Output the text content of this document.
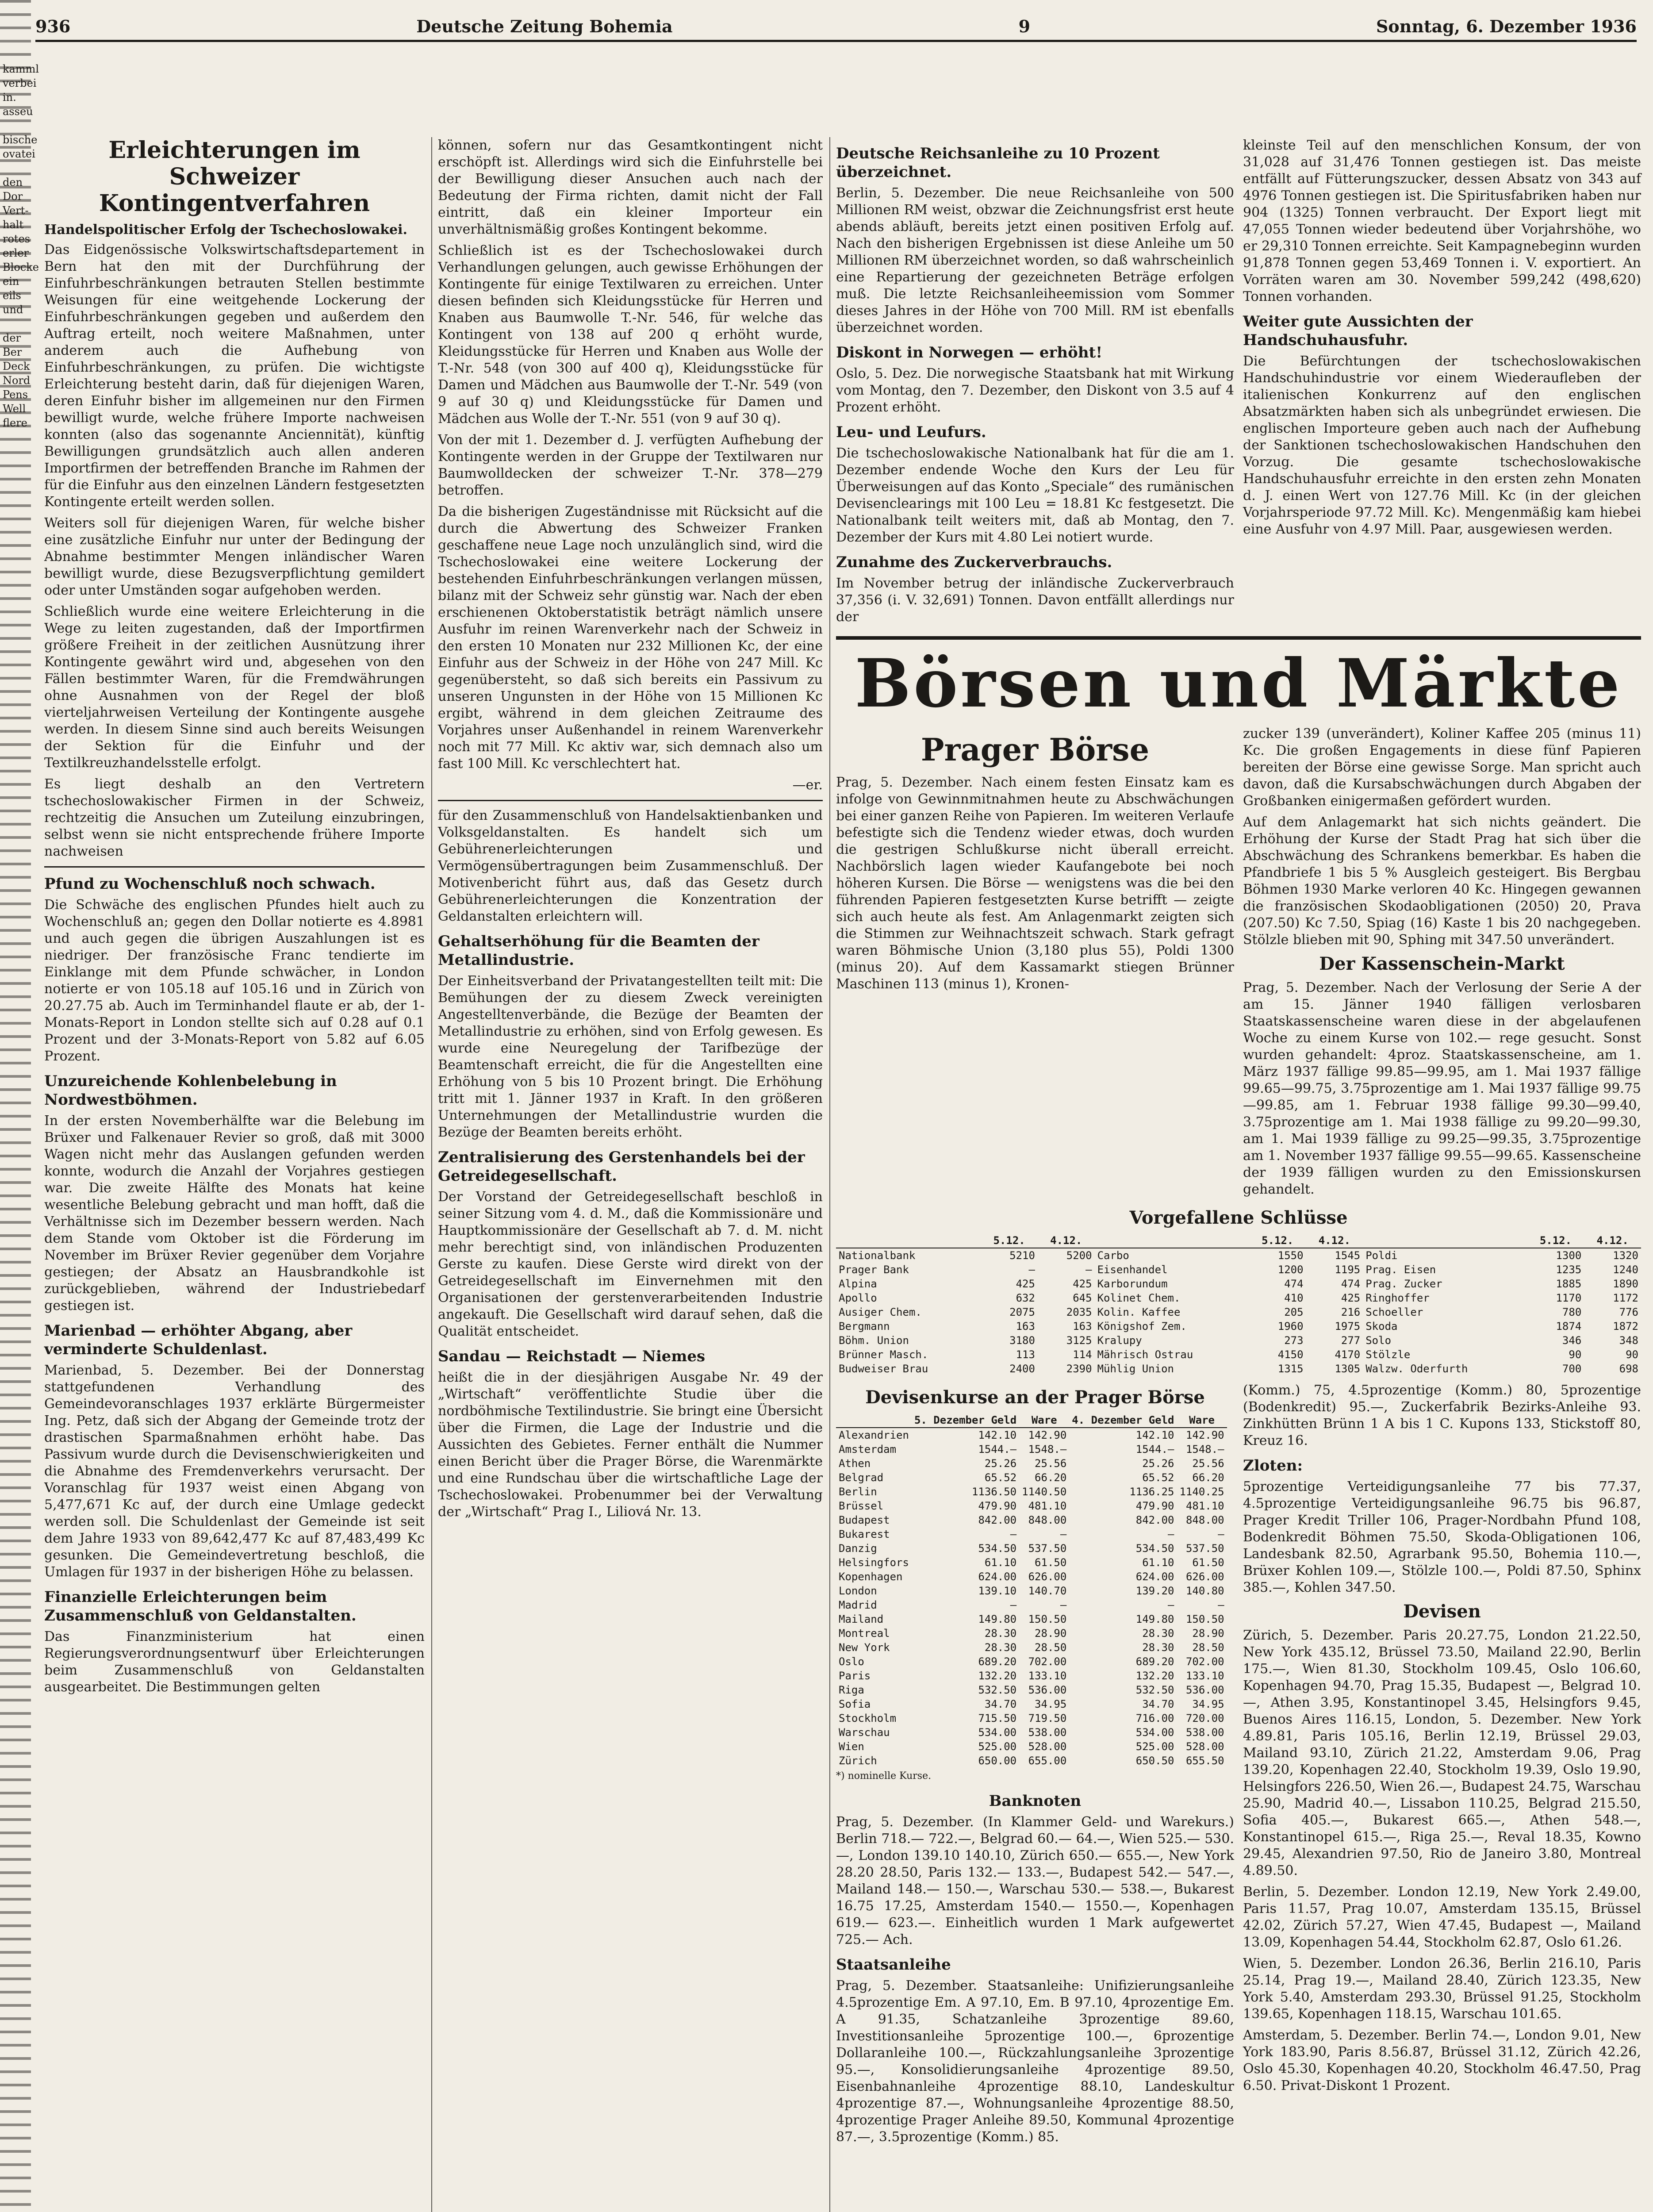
kamml
verbei
in.
asseu

bische
ovatei

den
Dor
Vert-
halt
rotes
erler
Blocke
ein
eils
und

der
Ber
Deck
Nord
Pens
Well
flere
936	Deutsche Zeitung Bohemia	9	Sonntag, 6. Dezember 1936
Erleichterungen im Schweizer Kontingentverfahren
Handelspolitischer Erfolg der Tschechoslowakei.

Das Eidgenössische Volkswirtschaftsdepartement in Bern hat den mit der Durchführung der Einfuhrbeschränkungen betrauten Stellen bestimmte Weisungen für eine weitgehende Lockerung der Einfuhrbeschränkungen gegeben und außerdem den Auftrag erteilt, noch weitere Maßnahmen, unter anderem auch die Aufhebung von Einfuhrbeschränkungen, zu prüfen. Die wichtigste Erleichterung besteht darin, daß für diejenigen Waren, deren Einfuhr bisher im allgemeinen nur den Firmen bewilligt wurde, welche frühere Importe nachweisen konnten (also das sogenannte Anciennität), künftig Bewilligungen grundsätzlich auch allen anderen Importfirmen der betreffenden Branche im Rahmen der für die Einfuhr aus den einzelnen Ländern festgesetzten Kontingente erteilt werden sollen.

Weiters soll für diejenigen Waren, für welche bisher eine zusätzliche Einfuhr nur unter der Bedingung der Abnahme bestimmter Mengen inländischer Waren bewilligt wurde, diese Bezugsverpflichtung gemildert oder unter Umständen sogar aufgehoben werden.

Schließlich wurde eine weitere Erleichterung in die Wege zu leiten zugestanden, daß der Importfirmen größere Freiheit in der zeitlichen Ausnützung ihrer Kontingente gewährt wird und, abgesehen von den Fällen bestimmter Waren, für die Fremdwährungen ohne Ausnahmen von der Regel der bloß vierteljahrweisen Verteilung der Kontingente ausgehe werden. In diesem Sinne sind auch bereits Weisungen der Sektion für die Einfuhr und der Textilkreuzhandelsstelle erfolgt.

Es liegt deshalb an den Vertretern tschechoslowakischer Firmen in der Schweiz, rechtzeitig die Ansuchen um Zuteilung einzubringen, selbst wenn sie nicht entsprechende frühere Importe nachweisen

Pfund zu Wochenschluß noch schwach.

Die Schwäche des englischen Pfundes hielt auch zu Wochenschluß an; gegen den Dollar notierte es 4.8981 und auch gegen die übrigen Auszahlungen ist es niedriger. Der französische Franc tendierte im Einklange mit dem Pfunde schwächer, in London notierte er von 105.18 auf 105.16 und in Zürich von 20.27.75 ab. Auch im Terminhandel flaute er ab, der 1-Monats-Report in London stellte sich auf 0.28 auf 0.1 Prozent und der 3-Monats-Report von 5.82 auf 6.05 Prozent.

Unzureichende Kohlenbelebung in Nordwestböhmen.

In der ersten Novemberhälfte war die Belebung im Brüxer und Falkenauer Revier so groß, daß mit 3000 Wagen nicht mehr das Auslangen gefunden werden konnte, wodurch die Anzahl der Vorjahres gestiegen war. Die zweite Hälfte des Monats hat keine wesentliche Belebung gebracht und man hofft, daß die Verhältnisse sich im Dezember bessern werden. Nach dem Stande vom Oktober ist die Förderung im November im Brüxer Revier gegenüber dem Vorjahre gestiegen; der Absatz an Hausbrandkohle ist zurückgeblieben, während der Industriebedarf gestiegen ist.

Marienbad — erhöhter Abgang, aber verminderte Schuldenlast.

Marienbad, 5. Dezember. Bei der Donnerstag stattgefundenen Verhandlung des Gemeindevoranschlages 1937 erklärte Bürgermeister Ing. Petz, daß sich der Abgang der Gemeinde trotz der drastischen Sparmaßnahmen erhöht habe. Das Passivum wurde durch die Devisenschwierigkeiten und die Abnahme des Fremdenverkehrs verursacht. Der Voranschlag für 1937 weist einen Abgang von 5,477,671 Kc auf, der durch eine Umlage gedeckt werden soll. Die Schuldenlast der Gemeinde ist seit dem Jahre 1933 von 89,642,477 Kc auf 87,483,499 Kc gesunken. Die Gemeindevertretung beschloß, die Umlagen für 1937 in der bisherigen Höhe zu belassen.

Finanzielle Erleichterungen beim Zusammenschluß von Geldanstalten.

Das Finanzministerium hat einen Regierungsverordnungsentwurf über Erleichterungen beim Zusammenschluß von Geldanstalten ausgearbeitet. Die Bestimmungen gelten

können, sofern nur das Gesamtkontingent nicht erschöpft ist. Allerdings wird sich die Einfuhrstelle bei der Bewilligung dieser Ansuchen auch nach der Bedeutung der Firma richten, damit nicht der Fall eintritt, daß ein kleiner Importeur ein unverhältnismäßig großes Kontingent bekomme.

Schließlich ist es der Tschechoslowakei durch Verhandlungen gelungen, auch gewisse Erhöhungen der Kontingente für einige Textilwaren zu erreichen. Unter diesen befinden sich Kleidungsstücke für Herren und Knaben aus Baumwolle T.-Nr. 546, für welche das Kontingent von 138 auf 200 q erhöht wurde, Kleidungsstücke für Herren und Knaben aus Wolle der T.-Nr. 548 (von 300 auf 400 q), Kleidungsstücke für Damen und Mädchen aus Baumwolle der T.-Nr. 549 (von 9 auf 30 q) und Kleidungsstücke für Damen und Mädchen aus Wolle der T.-Nr. 551 (von 9 auf 30 q).

Von der mit 1. Dezember d. J. verfügten Aufhebung der Kontingente werden in der Gruppe der Textilwaren nur Baumwolldecken der schweizer T.-Nr. 378—279 betroffen.

Da die bisherigen Zugeständnisse mit Rücksicht auf die durch die Abwertung des Schweizer Franken geschaffene neue Lage noch unzulänglich sind, wird die Tschechoslowakei eine weitere Lockerung der bestehenden Einfuhrbeschränkungen verlangen müssen, bilanz mit der Schweiz sehr günstig war. Nach der eben erschienenen Oktoberstatistik beträgt nämlich unsere Ausfuhr im reinen Warenverkehr nach der Schweiz in den ersten 10 Monaten nur 232 Millionen Kc, der eine Einfuhr aus der Schweiz in der Höhe von 247 Mill. Kc gegenübersteht, so daß sich bereits ein Passivum zu unseren Ungunsten in der Höhe von 15 Millionen Kc ergibt, während in dem gleichen Zeitraume des Vorjahres unser Außenhandel in reinem Warenverkehr noch mit 77 Mill. Kc aktiv war, sich demnach also um fast 100 Mill. Kc verschlechtert hat.

—er.

für den Zusammenschluß von Handelsaktienbanken und Volksgeldanstalten. Es handelt sich um Gebührenerleichterungen und Vermögensübertragungen beim Zusammenschluß. Der Motivenbericht führt aus, daß das Gesetz durch Gebührenerleichterungen die Konzentration der Geldanstalten erleichtern will.

Gehaltserhöhung für die Beamten der Metallindustrie.

Der Einheitsverband der Privatangestellten teilt mit: Die Bemühungen der zu diesem Zweck vereinigten Angestelltenverbände, die Bezüge der Beamten der Metallindustrie zu erhöhen, sind von Erfolg gewesen. Es wurde eine Neuregelung der Tarifbezüge der Beamtenschaft erreicht, die für die Angestellten eine Erhöhung von 5 bis 10 Prozent bringt. Die Erhöhung tritt mit 1. Jänner 1937 in Kraft. In den größeren Unternehmungen der Metallindustrie wurden die Bezüge der Beamten bereits erhöht.

Zentralisierung des Gerstenhandels bei der Getreidegesellschaft.

Der Vorstand der Getreidegesellschaft beschloß in seiner Sitzung vom 4. d. M., daß die Kommissionäre und Hauptkommissionäre der Gesellschaft ab 7. d. M. nicht mehr berechtigt sind, von inländischen Produzenten Gerste zu kaufen. Diese Gerste wird direkt von der Getreidegesellschaft im Einvernehmen mit den Organisationen der gerstenverarbeitenden Industrie angekauft. Die Gesellschaft wird darauf sehen, daß die Qualität entscheidet.

Sandau — Reichstadt — Niemes

heißt die in der diesjährigen Ausgabe Nr. 49 der „Wirtschaft“ veröffentlichte Studie über die nordböhmische Textilindustrie. Sie bringt eine Übersicht über die Firmen, die Lage der Industrie und die Aussichten des Gebietes. Ferner enthält die Nummer einen Bericht über die Prager Börse, die Warenmärkte und eine Rundschau über die wirtschaftliche Lage der Tschechoslowakei. Probenummer bei der Verwaltung der „Wirtschaft“ Prag I., Liliová Nr. 13.

Deutsche Reichsanleihe zu 10 Prozent überzeichnet.

Berlin, 5. Dezember. Die neue Reichsanleihe von 500 Millionen RM weist, obzwar die Zeichnungsfrist erst heute abends abläuft, bereits jetzt einen positiven Erfolg auf. Nach den bisherigen Ergebnissen ist diese Anleihe um 50 Millionen RM überzeichnet worden, so daß wahrscheinlich eine Repartierung der gezeichneten Beträge erfolgen muß. Die letzte Reichsanleiheemission vom Sommer dieses Jahres in der Höhe von 700 Mill. RM ist ebenfalls überzeichnet worden.

Diskont in Norwegen — erhöht!

Oslo, 5. Dez. Die norwegische Staatsbank hat mit Wirkung vom Montag, den 7. Dezember, den Diskont von 3.5 auf 4 Prozent erhöht.

Leu- und Leufurs.

Die tschechoslowakische Nationalbank hat für die am 1. Dezember endende Woche den Kurs der Leu für Überweisungen auf das Konto „Speciale“ des rumänischen Devisenclearings mit 100 Leu = 18.81 Kc festgesetzt. Die Nationalbank teilt weiters mit, daß ab Montag, den 7. Dezember der Kurs mit 4.80 Lei notiert wurde.

Zunahme des Zuckerverbrauchs.

Im November betrug der inländische Zuckerverbrauch 37,356 (i. V. 32,691) Tonnen. Davon entfällt allerdings nur der

kleinste Teil auf den menschlichen Konsum, der von 31,028 auf 31,476 Tonnen gestiegen ist. Das meiste entfällt auf Fütterungszucker, dessen Absatz von 343 auf 4976 Tonnen gestiegen ist. Die Spiritusfabriken haben nur 904 (1325) Tonnen verbraucht. Der Export liegt mit 47,055 Tonnen wieder bedeutend über Vorjahrshöhe, wo er 29,310 Tonnen erreichte. Seit Kampagnebeginn wurden 91,878 Tonnen gegen 53,469 Tonnen i. V. exportiert. An Vorräten waren am 30. November 599,242 (498,620) Tonnen vorhanden.

Weiter gute Aussichten der Handschuhausfuhr.

Die Befürchtungen der tschechoslowakischen Handschuhindustrie vor einem Wiederaufleben der italienischen Konkurrenz auf den englischen Absatzmärkten haben sich als unbegründet erwiesen. Die englischen Importeure geben auch nach der Aufhebung der Sanktionen tschechoslowakischen Handschuhen den Vorzug. Die gesamte tschechoslowakische Handschuhausfuhr erreichte in den ersten zehn Monaten d. J. einen Wert von 127.76 Mill. Kc (in der gleichen Vorjahrsperiode 97.72 Mill. Kc). Mengenmäßig kam hiebei eine Ausfuhr von 4.97 Mill. Paar, ausgewiesen werden.

Börsen und Märkte
Prager Börse

Prag, 5. Dezember. Nach einem festen Einsatz kam es infolge von Gewinnmitnahmen heute zu Abschwächungen bei einer ganzen Reihe von Papieren. Im weiteren Verlaufe befestigte sich die Tendenz wieder etwas, doch wurden die gestrigen Schlußkurse nicht überall erreicht. Nachbörslich lagen wieder Kaufangebote bei noch höheren Kursen. Die Börse — wenigstens was die bei den führenden Papieren festgesetzten Kurse betrifft — zeigte sich auch heute als fest. Am Anlagenmarkt zeigten sich die Stimmen zur Weihnachtszeit schwach. Stark gefragt waren Böhmische Union (3,180 plus 55), Poldi 1300 (minus 20). Auf dem Kassamarkt stiegen Brünner Maschinen 113 (minus 1), Kronen-

zucker 139 (unverändert), Koliner Kaffee 205 (minus 11) Kc. Die großen Engagements in diese fünf Papieren bereiten der Börse eine gewisse Sorge. Man spricht auch davon, daß die Kursabschwächungen durch Abgaben der Großbanken einigermaßen gefördert wurden.

Auf dem Anlagemarkt hat sich nichts geändert. Die Erhöhung der Kurse der Stadt Prag hat sich über die Abschwächung des Schrankens bemerkbar. Es haben die Pfandbriefe 1 bis 5 % Ausgleich gesteigert. Bis Bergbau Böhmen 1930 Marke verloren 40 Kc. Hingegen gewannen die französischen Skodaobligationen (2050) 20, Prava (207.50) Kc 7.50, Spiag (16) Kaste 1 bis 20 nachgegeben. Stölzle blieben mit 90, Sphing mit 347.50 unverändert.

Der Kassenschein-Markt

Prag, 5. Dezember. Nach der Verlosung der Serie A der am 15. Jänner 1940 fälligen verlosbaren Staatskassenscheine waren diese in der abgelaufenen Woche zu einem Kurse von 102.— rege gesucht. Sonst wurden gehandelt: 4proz. Staatskassenscheine, am 1. März 1937 fällige 99.85—99.95, am 1. Mai 1937 fällige 99.65—99.75, 3.75prozentige am 1. Mai 1937 fällige 99.75—99.85, am 1. Februar 1938 fällige 99.30—99.40, 3.75prozentige am 1. Mai 1938 fällige zu 99.20—99.30, am 1. Mai 1939 fällige zu 99.25—99.35, 3.75prozentige am 1. November 1937 fällige 99.55—99.65. Kassenscheine der 1939 fälligen wurden zu den Emissionskursen gehandelt.

Vorgefallene Schlüsse
	5.12.	4.12.		5.12.	4.12.		5.12.	4.12.
Nationalbank	5210	5200	Carbo	1550	1545	Poldi	1300	1320
Prager Bank	—	—	Eisenhandel	1200	1195	Prag. Eisen	1235	1240
Alpina	425	425	Karborundum	474	474	Prag. Zucker	1885	1890
Apollo	632	645	Kolinet Chem.	410	425	Ringhoffer	1170	1172
Ausiger Chem.	2075	2035	Kolin. Kaffee	205	216	Schoeller	780	776
Bergmann	163	163	Königshof Zem.	1960	1975	Skoda	1874	1872
Böhm. Union	3180	3125	Kralupy	273	277	Solo	346	348
Brünner Masch.	113	114	Mährisch Ostrau	4150	4170	Stölzle	90	90
Budweiser Brau	2400	2390	Mühlig Union	1315	1305	Walzw. Oderfurth	700	698
Devisenkurse an der Prager Börse
	5. Dezember Geld	Ware	4. Dezember Geld	Ware
Alexandrien	142.10	142.90	142.10	142.90
Amsterdam	1544.—	1548.—	1544.—	1548.—
Athen	25.26	25.56	25.26	25.56
Belgrad	65.52	66.20	65.52	66.20
Berlin	1136.50	1140.50	1136.25	1140.25
Brüssel	479.90	481.10	479.90	481.10
Budapest	842.00	848.00	842.00	848.00
Bukarest	—	—	—	—
Danzig	534.50	537.50	534.50	537.50
Helsingfors	61.10	61.50	61.10	61.50
Kopenhagen	624.00	626.00	624.00	626.00
London	139.10	140.70	139.20	140.80
Madrid	—	—	—	—
Mailand	149.80	150.50	149.80	150.50
Montreal	28.30	28.90	28.30	28.90
New York	28.30	28.50	28.30	28.50
Oslo	689.20	702.00	689.20	702.00
Paris	132.20	133.10	132.20	133.10
Riga	532.50	536.00	532.50	536.00
Sofia	34.70	34.95	34.70	34.95
Stockholm	715.50	719.50	716.00	720.00
Warschau	534.00	538.00	534.00	538.00
Wien	525.00	528.00	525.00	528.00
Zürich	650.00	655.00	650.50	655.50

*) nominelle Kurse.

Banknoten

Prag, 5. Dezember. (In Klammer Geld- und Warekurs.) Berlin 718.— 722.—, Belgrad 60.— 64.—, Wien 525.— 530.—, London 139.10 140.10, Zürich 650.— 655.—, New York 28.20 28.50, Paris 132.— 133.—, Budapest 542.— 547.—, Mailand 148.— 150.—, Warschau 530.— 538.—, Bukarest 16.75 17.25, Amsterdam 1540.— 1550.—, Kopenhagen 619.— 623.—. Einheitlich wurden 1 Mark aufgewertet 725.— Ach.

Staatsanleihe

Prag, 5. Dezember. Staatsanleihe: Unifizierungsanleihe 4.5prozentige Em. A 97.10, Em. B 97.10, 4prozentige Em. A 91.35, Schatzanleihe 3prozentige 89.60, Investitionsanleihe 5prozentige 100.—, 6prozentige Dollaranleihe 100.—, Rückzahlungsanleihe 3prozentige 95.—, Konsolidierungsanleihe 4prozentige 89.50, Eisenbahnanleihe 4prozentige 88.10, Landeskultur 4prozentige 87.—, Wohnungsanleihe 4prozentige 88.50, 4prozentige Prager Anleihe 89.50, Kommunal 4prozentige 87.—, 3.5prozentige (Komm.) 85.

(Komm.) 75, 4.5prozentige (Komm.) 80, 5prozentige (Bodenkredit) 95.—, Zuckerfabrik Bezirks-Anleihe 93. Zinkhütten Brünn 1 A bis 1 C. Kupons 133, Stickstoff 80, Kreuz 16.

Zloten:

5prozentige Verteidigungsanleihe 77 bis 77.37, 4.5prozentige Verteidigungsanleihe 96.75 bis 96.87, Prager Kredit Triller 106, Prager-Nordbahn Pfund 108, Bodenkredit Böhmen 75.50, Skoda-Obligationen 106, Landesbank 82.50, Agrarbank 95.50, Bohemia 110.—, Brüxer Kohlen 109.—, Stölzle 100.—, Poldi 87.50, Sphinx 385.—, Kohlen 347.50.

Devisen

Zürich, 5. Dezember. Paris 20.27.75, London 21.22.50, New York 435.12, Brüssel 73.50, Mailand 22.90, Berlin 175.—, Wien 81.30, Stockholm 109.45, Oslo 106.60, Kopenhagen 94.70, Prag 15.35, Budapest —, Belgrad 10.—, Athen 3.95, Konstantinopel 3.45, Helsingfors 9.45, Buenos Aires 116.15, London, 5. Dezember. New York 4.89.81, Paris 105.16, Berlin 12.19, Brüssel 29.03, Mailand 93.10, Zürich 21.22, Amsterdam 9.06, Prag 139.20, Kopenhagen 22.40, Stockholm 19.39, Oslo 19.90, Helsingfors 226.50, Wien 26.—, Budapest 24.75, Warschau 25.90, Madrid 40.—, Lissabon 110.25, Belgrad 215.50, Sofia 405.—, Bukarest 665.—, Athen 548.—, Konstantinopel 615.—, Riga 25.—, Reval 18.35, Kowno 29.45, Alexandrien 97.50, Rio de Janeiro 3.80, Montreal 4.89.50.

Berlin, 5. Dezember. London 12.19, New York 2.49.00, Paris 11.57, Prag 10.07, Amsterdam 135.15, Brüssel 42.02, Zürich 57.27, Wien 47.45, Budapest —, Mailand 13.09, Kopenhagen 54.44, Stockholm 62.87, Oslo 61.26.

Wien, 5. Dezember. London 26.36, Berlin 216.10, Paris 25.14, Prag 19.—, Mailand 28.40, Zürich 123.35, New York 5.40, Amsterdam 293.30, Brüssel 91.25, Stockholm 139.65, Kopenhagen 118.15, Warschau 101.65.

Amsterdam, 5. Dezember. Berlin 74.—, London 9.01, New York 183.90, Paris 8.56.87, Brüssel 31.12, Zürich 42.26, Oslo 45.30, Kopenhagen 40.20, Stockholm 46.47.50, Prag 6.50. Privat-Diskont 1 Prozent.
